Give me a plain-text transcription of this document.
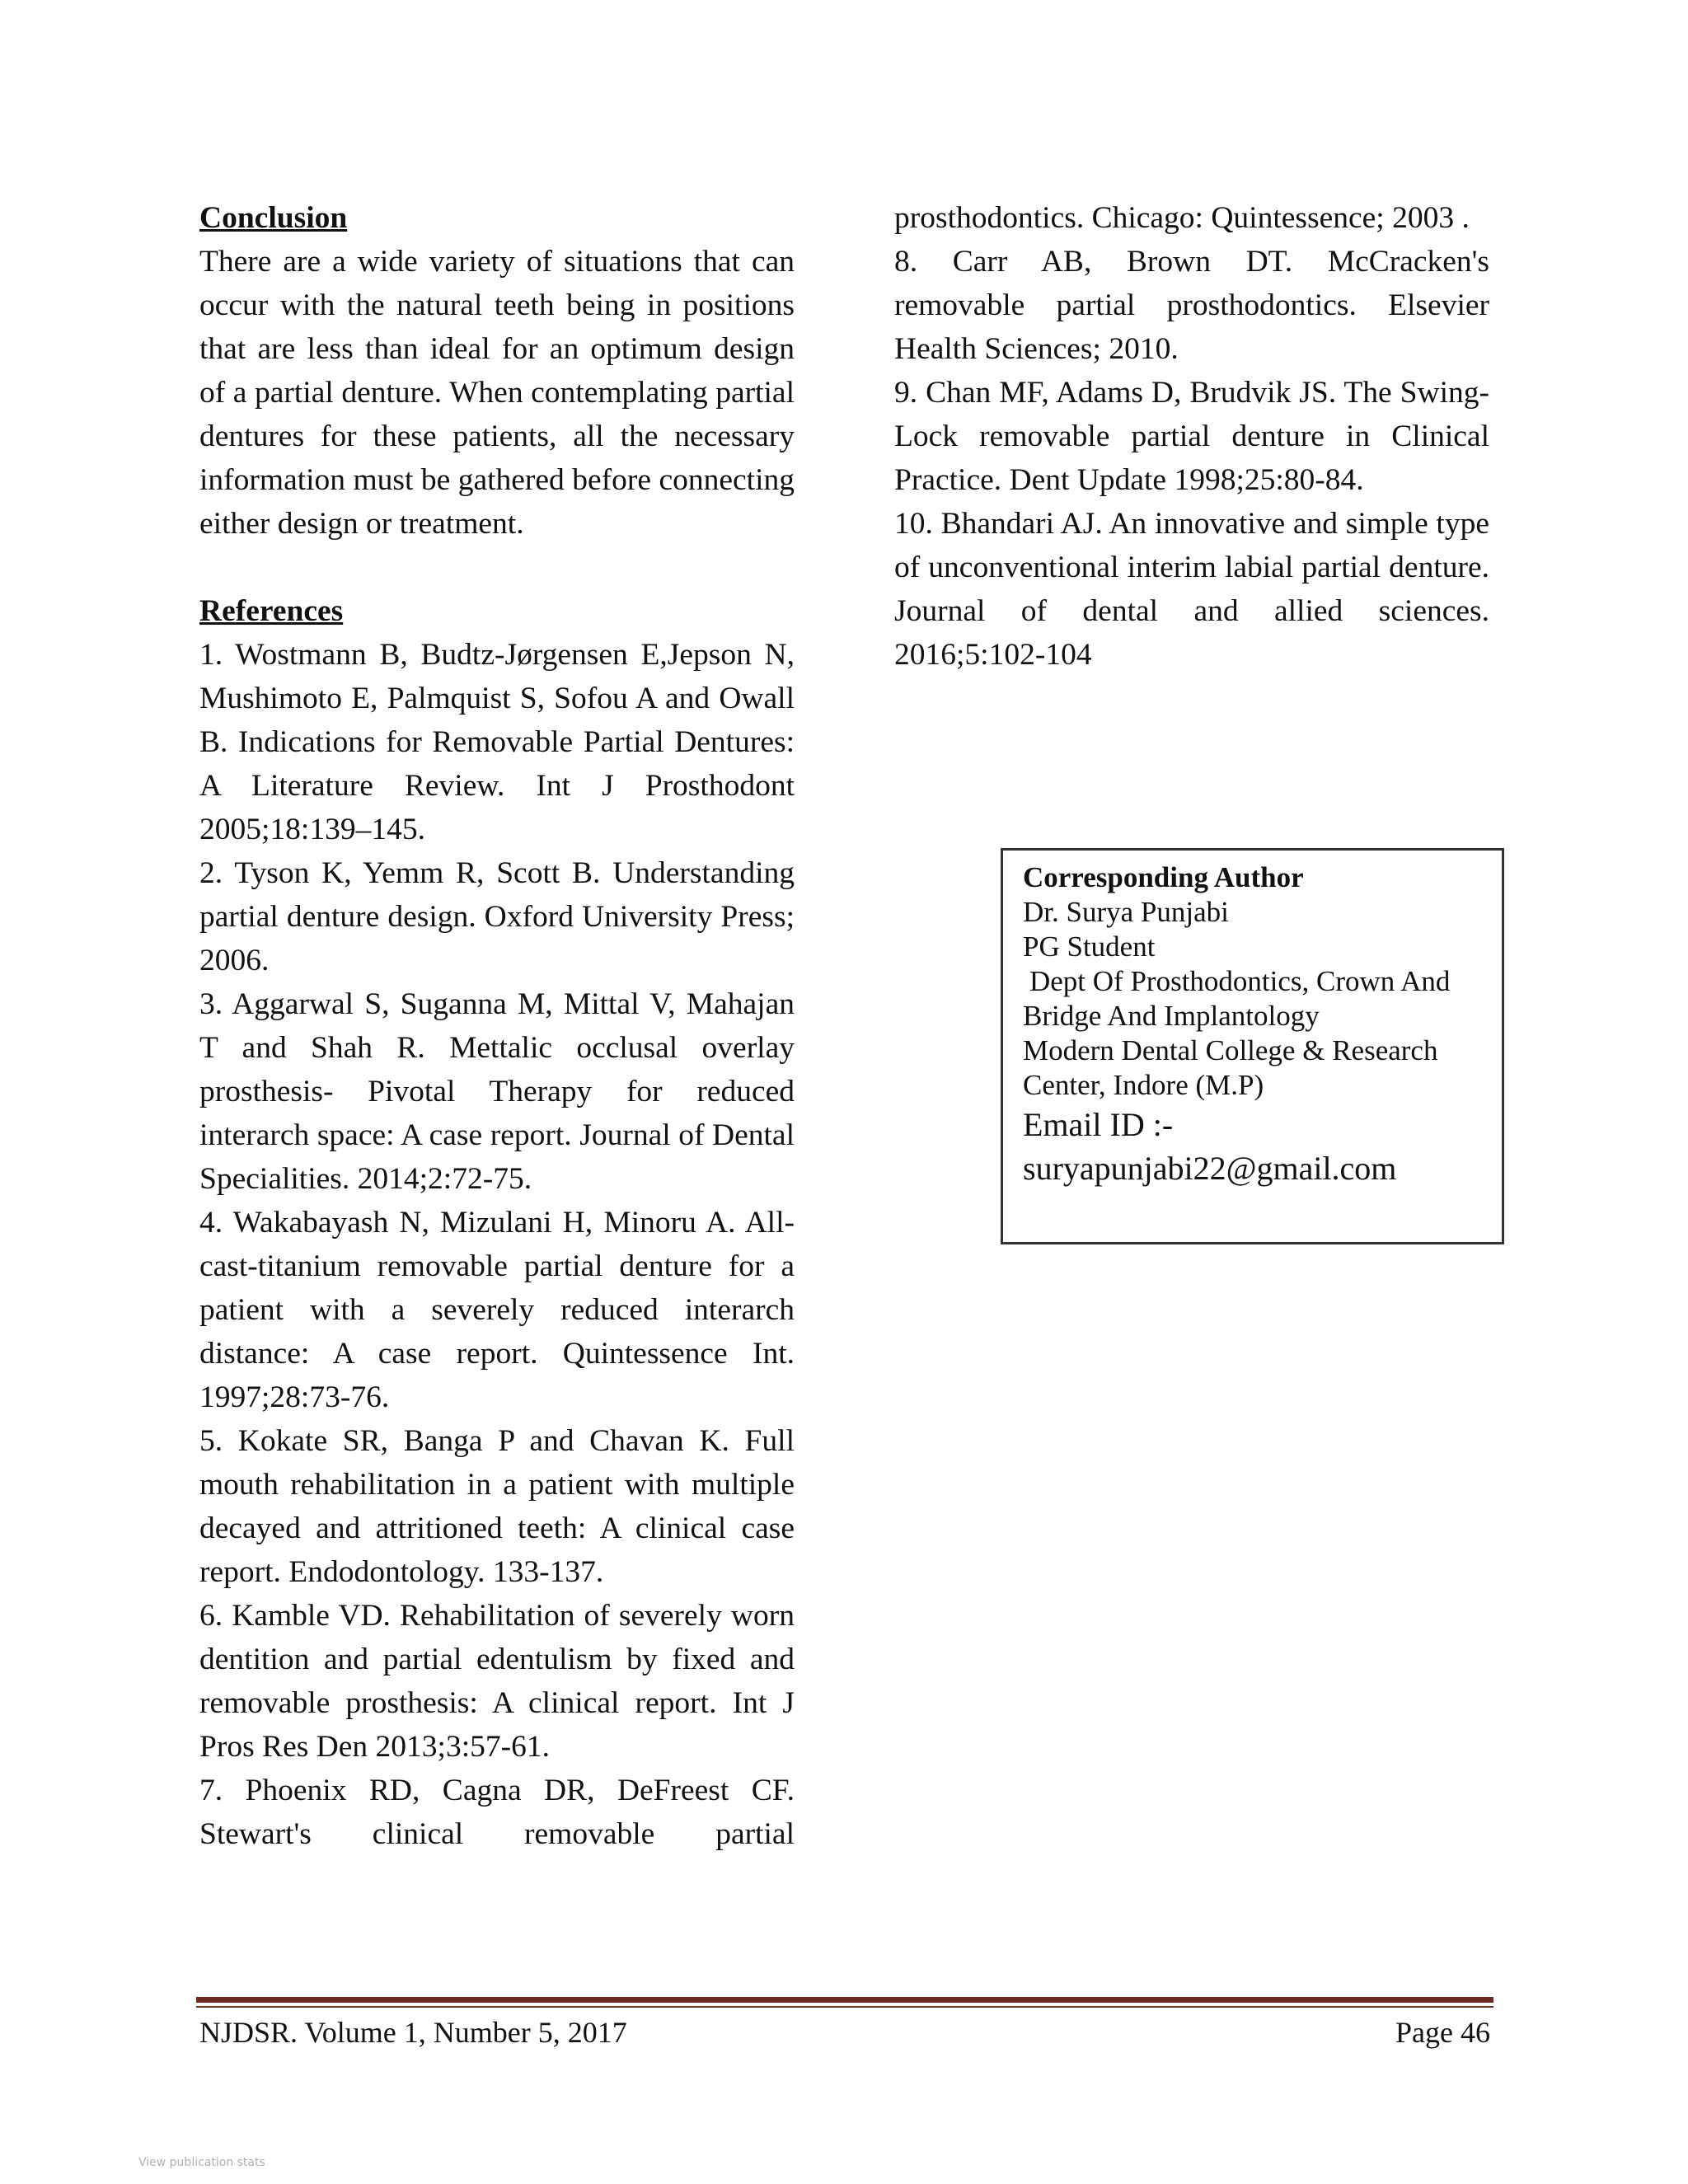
Conclusion

There are a wide variety of situations that can occur with the natural teeth being in positions that are less than ideal for an optimum design of a partial denture. When contemplating partial dentures for these patients, all the necessary information must be gathered before connecting either design or treatment.

References

1. Wostmann B, Budtz-Jørgensen E,Jepson N, Mushimoto E, Palmquist S, Sofou A and Owall B. Indications for Removable Partial Dentures: A Literature Review. Int J Prosthodont 2005;18:139–145.

2. Tyson K, Yemm R, Scott B. Understanding partial denture design. Oxford University Press; 2006.

3. Aggarwal S, Suganna M, Mittal V, Mahajan T and Shah R. Mettalic occlusal overlay prosthesis- Pivotal Therapy for reduced interarch space: A case report. Journal of Dental Specialities. 2014;2:72-75.

4. Wakabayash N, Mizulani H, Minoru A. All-cast-titanium removable partial denture for a patient with a severely reduced interarch distance: A case report. Quintessence Int. 1997;28:73-76.

5. Kokate SR, Banga P and Chavan K. Full mouth rehabilitation in a patient with multiple decayed and attritioned teeth: A clinical case report. Endodontology. 133-137.

6. Kamble VD. Rehabilitation of severely worn dentition and partial edentulism by fixed and removable prosthesis: A clinical report. Int J Pros Res Den 2013;3:57-61.

7. Phoenix RD, Cagna DR, DeFreest CF. Stewart's clinical removable partial

prosthodontics. Chicago: Quintessence; 2003 .

8. Carr AB, Brown DT. McCracken's removable partial prosthodontics. Elsevier Health Sciences; 2010.

9. Chan MF, Adams D, Brudvik JS. The Swing- Lock removable partial denture in Clinical Practice. Dent Update 1998;25:80-84.

10. Bhandari AJ. An innovative and simple type of unconventional interim labial partial denture. Journal of dental and allied sciences. 2016;5:102-104

Corresponding Author

Dr. Surya Punjabi

PG Student

Dept Of Prosthodontics, Crown And

Bridge And Implantology

Modern Dental College & Research

Center, Indore (M.P)

Email ID :-

suryapunjabi22@gmail.com

NJDSR. Volume 1, Number 5, 2017	Page 46
View publication stats
